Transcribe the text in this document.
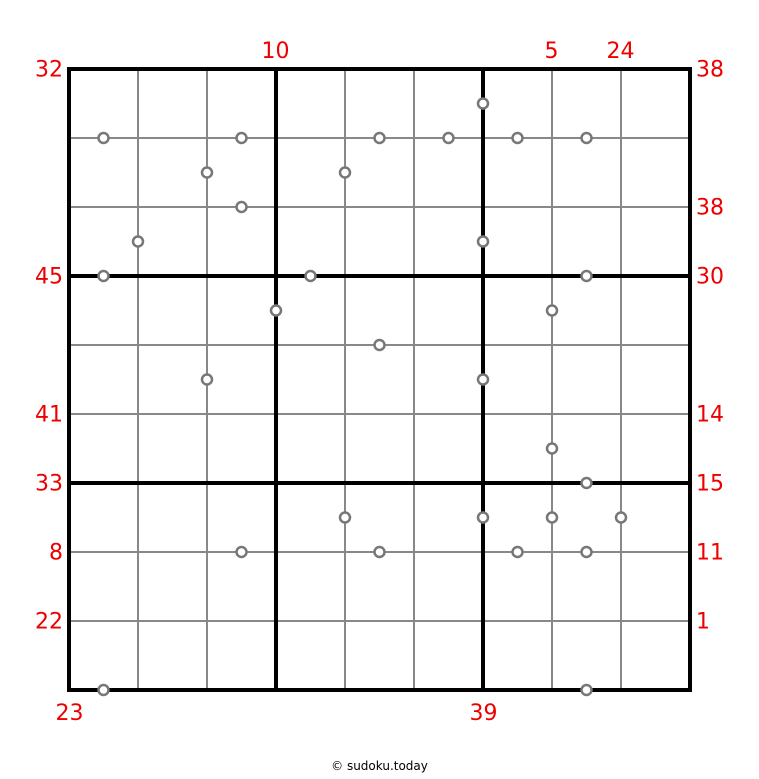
10	5 24
23	39
32
45
41
33
8
22
38
38
30
14
15
11
1
© sudoku.today
